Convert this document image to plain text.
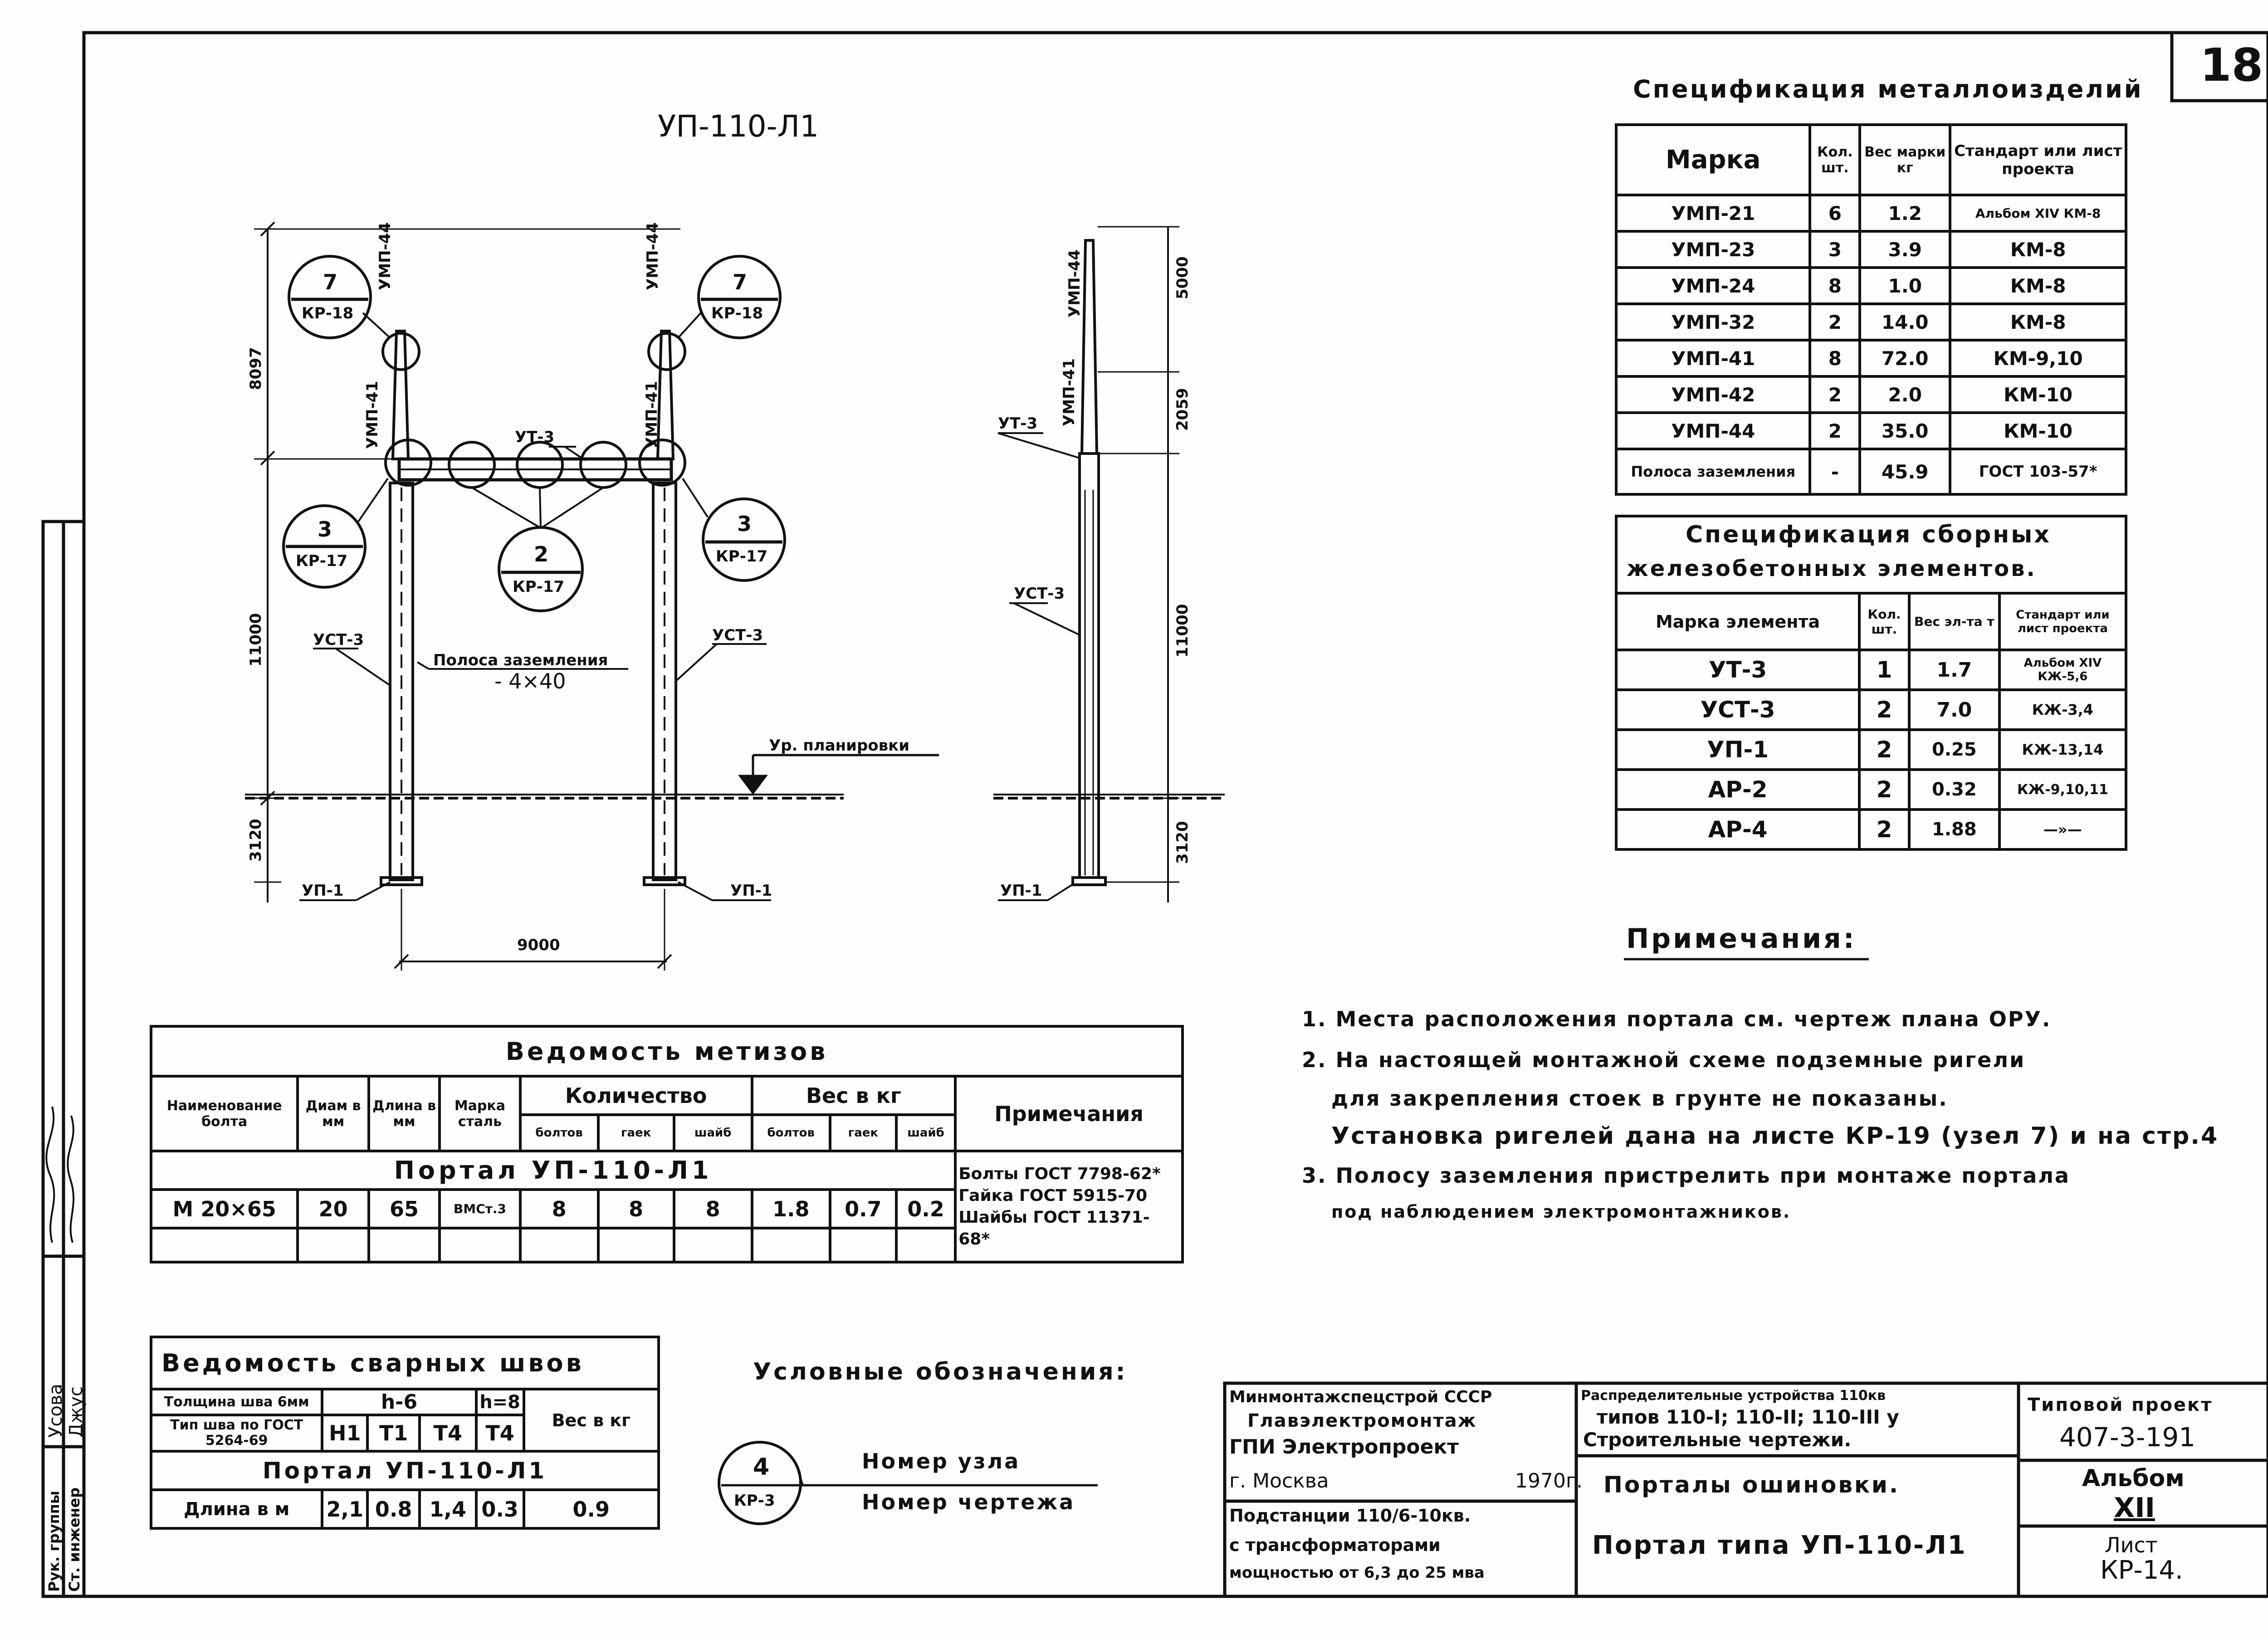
18
УП-110-Л1
7
КР-18
7
КР-18
3
КР-17
3
КР-17
2
КР-17
УМП-44
УМП-41
УМП-44
УМП-41
УТ-3
УСТ-3	УСТ-3
Полоса заземления
- 4×40
Ур. планировки
УП-1	УП-1
8097
11000
3120
9000
УМП-44
УМП-41
УТ-3
УСТ-3
УП-1
5000
2059
11000
3120
Спецификация металлоизделий
Марка	Кол. шт.	Вес марки кг	Стандарт или лист проекта
УМП-21	6	1.2	Альбом XIV КМ-8
УМП-23	3	3.9	КМ-8
УМП-24	8	1.0	КМ-8
УМП-32	2	14.0	КМ-8
УМП-41	8	72.0	КМ-9,10
УМП-42	2	2.0	КМ-10
УМП-44	2	35.0	КМ-10
Полоса заземления	-	45.9	ГОСТ 103-57*
Спецификация сборных
железобетонных элементов.
Марка элемента	Кол. шт.	Вес эл-та т	Стандарт или лист проекта
УТ-3	1	1.7	Альбом XIV КЖ-5,6
УСТ-3	2	7.0	КЖ-3,4
УП-1	2	0.25	КЖ-13,14
АР-2	2	0.32	КЖ-9,10,11
АР-4	2	1.88	—»—
Примечания:
1. Места расположения портала см. чертеж плана ОРУ.
2. На настоящей монтажной схеме подземные ригели
для закрепления стоек в грунте не показаны.
Установка ригелей дана на листе КР-19 (узел 7) и на стр.4
3. Полосу заземления пристрелить при монтаже портала
под наблюдением электромонтажников.
Ведомость метизов										
Наименование болта	Диам в мм	Длина в мм	Марка сталь	Количество			Вес в кг			Примечания
				болтов	гаек	шайб	болтов	гаек	шайб	
Портал УП-110-Л1										Болты ГОСТ 7798-62*
Гайка ГОСТ 5915-70
Шайбы ГОСТ 11371-68*

М 20×65	20	65	ВМСт.3	8	8	8	1.8	0.7	0.2	

Ведомость сварных швов					
Толщина шва 6мм	h-6			h=8	Вес в кг
Тип шва по ГОСТ 5264-69	Н1	Т1	Т4	Т4	
Портал УП-110-Л1					
Длина в м	2,1	0.8	1,4	0.3	0.9
Условные обозначения:
4
КР-3
Номер узла
Номер чертежа
Минмонтажспецстрой СССР
Главэлектромонтаж
ГПИ Электропроект
г. Москва	1970г.
Подстанции 110/6-10кв.
с трансформаторами
мощностью от 6,3 до 25 мва
Распределительные устройства 110кв
типов 110-I; 110-II; 110-III у
Строительные чертежи.
Порталы ошиновки.
Портал типа УП-110-Л1
Типовой проект
407-3-191
Альбом
XII
Лист
КР-14.
Рук. группы
Усова
Ст. инженер
Джус
